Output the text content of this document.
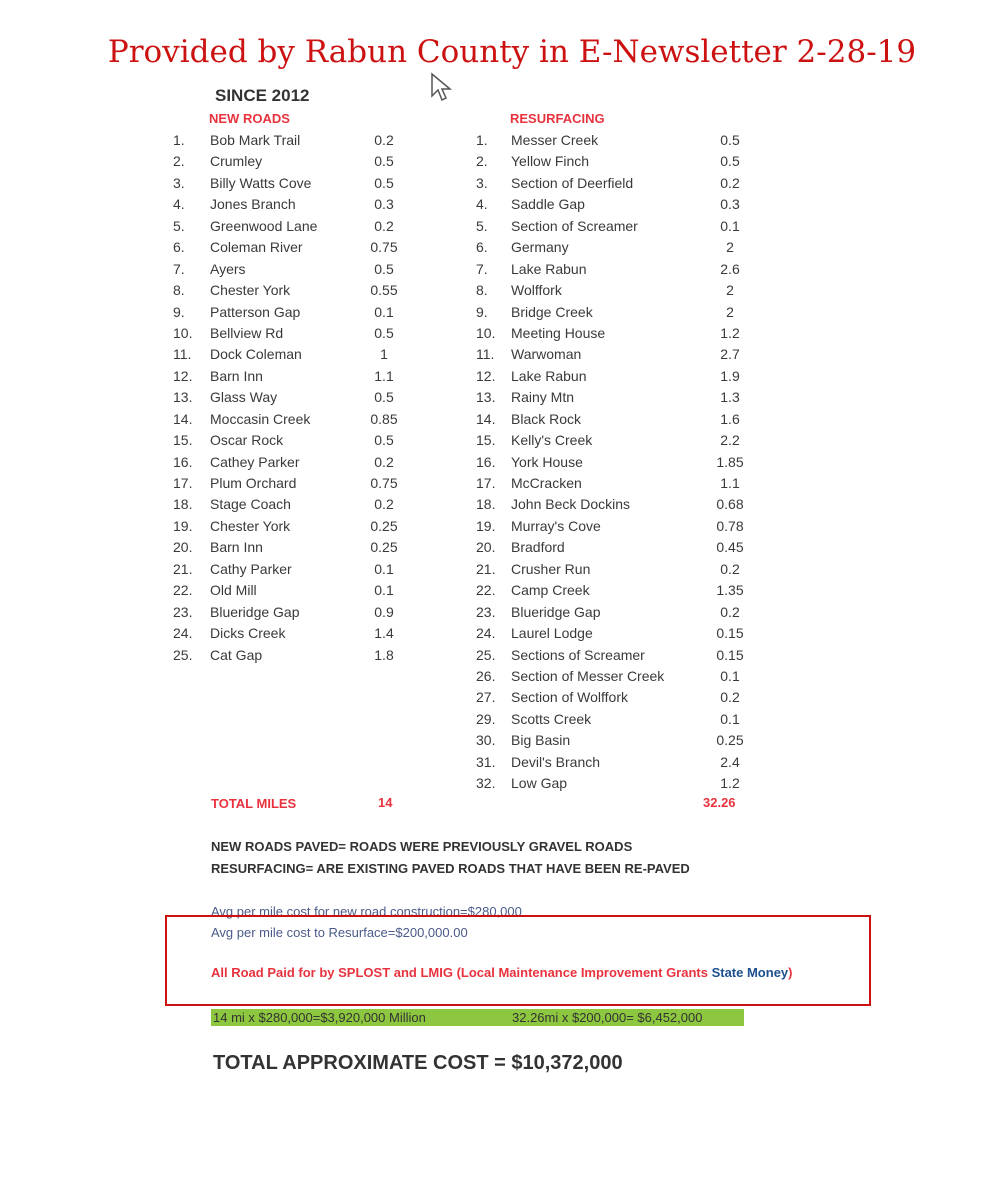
Provided by Rabun County in E-Newsletter 2-28-19
SINCE 2012
NEW ROADS	RESURFACING
1. Bob Mark Trail	0.2
2. Crumley	0.5
3. Billy Watts Cove	0.5
4. Jones Branch	0.3
5. Greenwood Lane	0.2
6. Coleman River	0.75
7. Ayers	0.5
8. Chester York	0.55
9. Patterson Gap	0.1
10. Bellview Rd	0.5
11. Dock Coleman	1
12. Barn Inn	1.1
13. Glass Way	0.5
14. Moccasin Creek	0.85
15. Oscar Rock	0.5
16. Cathey Parker	0.2
17. Plum Orchard	0.75
18. Stage Coach	0.2
19. Chester York	0.25
20. Barn Inn	0.25
21. Cathy Parker	0.1
22. Old Mill	0.1
23. Blueridge Gap	0.9
24. Dicks Creek	1.4
25. Cat Gap	1.8
1. Messer Creek	0.5
2. Yellow Finch	0.5
3. Section of Deerfield	0.2
4. Saddle Gap	0.3
5. Section of Screamer	0.1
6. Germany	2
7. Lake Rabun	2.6
8. Wolffork	2
9. Bridge Creek	2
10. Meeting House	1.2
11. Warwoman	2.7
12. Lake Rabun	1.9
13. Rainy Mtn	1.3
14. Black Rock	1.6
15. Kelly's Creek	2.2
16. York House	1.85
17. McCracken	1.1
18. John Beck Dockins	0.68
19. Murray's Cove	0.78
20. Bradford	0.45
21. Crusher Run	0.2
22. Camp Creek	1.35
23. Blueridge Gap	0.2
24. Laurel Lodge	0.15
25. Sections of Screamer	0.15
26. Section of Messer Creek	0.1
27. Section of Wolffork	0.2
29. Scotts Creek	0.1
30. Big Basin	0.25
31. Devil's Branch	2.4
32. Low Gap	1.2
TOTAL MILES	14	32.26
NEW ROADS PAVED= ROADS WERE PREVIOUSLY GRAVEL ROADS
RESURFACING= ARE EXISTING PAVED ROADS THAT HAVE BEEN RE-PAVED
Avg per mile cost for new road construction=$280,000
Avg per mile cost to Resurface=$200,000.00
All Road Paid for by SPLOST and LMIG (Local Maintenance Improvement Grants State Money)
14 mi x $280,000=$3,920,000 Million	32.26mi x $200,000= $6,452,000
TOTAL APPROXIMATE COST = $10,372,000
